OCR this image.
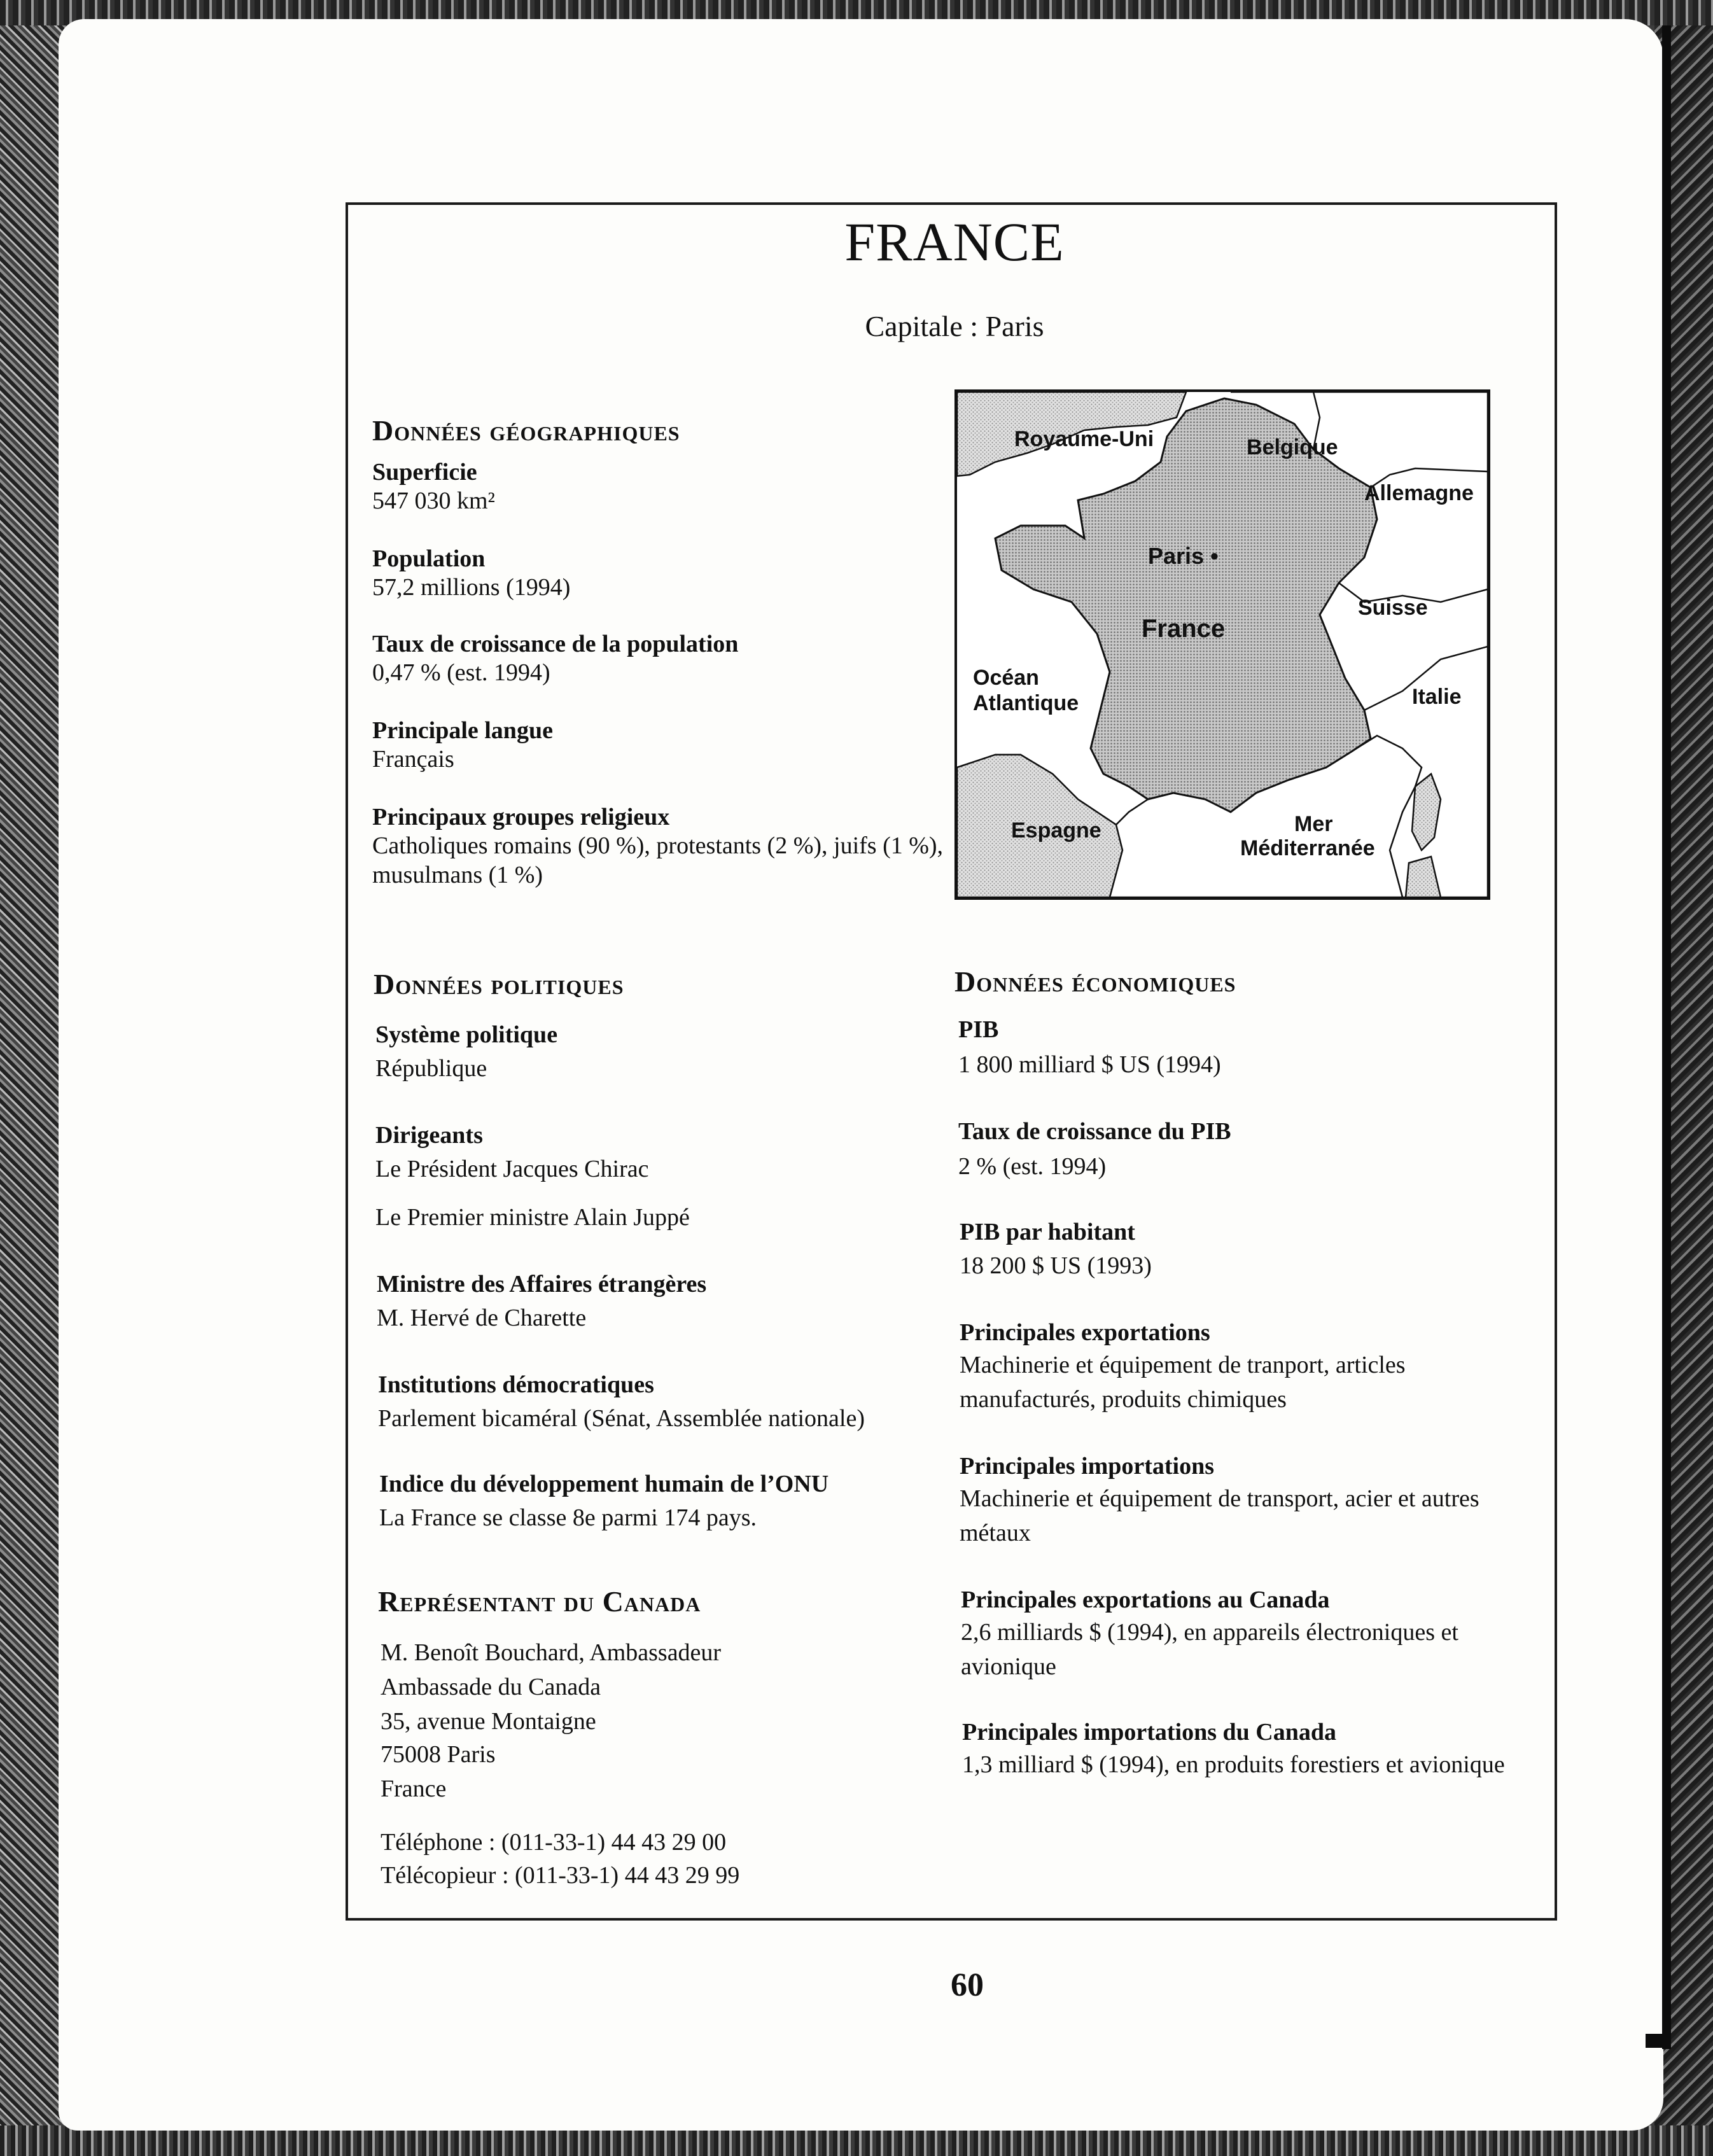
FRANCE
Capitale : Paris
Données géographiques
Superficie
547 030 km²
Population
57,2 millions (1994)
Taux de croissance de la population
0,47 % (est. 1994)
Principale langue
Français
Principaux groupes religieux
Catholiques romains (90 %), protestants (2 %), juifs (1 %),
musulmans (1 %)
Royaume-Uni	Belgique
Allemagne
Paris •
Suisse
France
Océan
Atlantique	Italie
Espagne	Mer
Méditerranée
Données politiques
Système politique
République
Dirigeants
Le Président Jacques Chirac
Le Premier ministre Alain Juppé
Ministre des Affaires étrangères
M. Hervé de Charette
Institutions démocratiques
Parlement bicaméral (Sénat, Assemblée nationale)
Indice du développement humain de l’ONU
La France se classe 8e parmi 174 pays.
Représentant du Canada
M. Benoît Bouchard, Ambassadeur
Ambassade du Canada
35, avenue Montaigne
75008 Paris
France
Téléphone : (011-33-1) 44 43 29 00
Télécopieur : (011-33-1) 44 43 29 99
Données économiques
PIB
1 800 milliard $ US (1994)
Taux de croissance du PIB
2 % (est. 1994)
PIB par habitant
18 200 $ US (1993)
Principales exportations
Machinerie et équipement de tranport, articles
manufacturés, produits chimiques
Principales importations
Machinerie et équipement de transport, acier et autres
métaux
Principales exportations au Canada
2,6 milliards $ (1994), en appareils électroniques et
avionique
Principales importations du Canada
1,3 milliard $ (1994), en produits forestiers et avionique
60
